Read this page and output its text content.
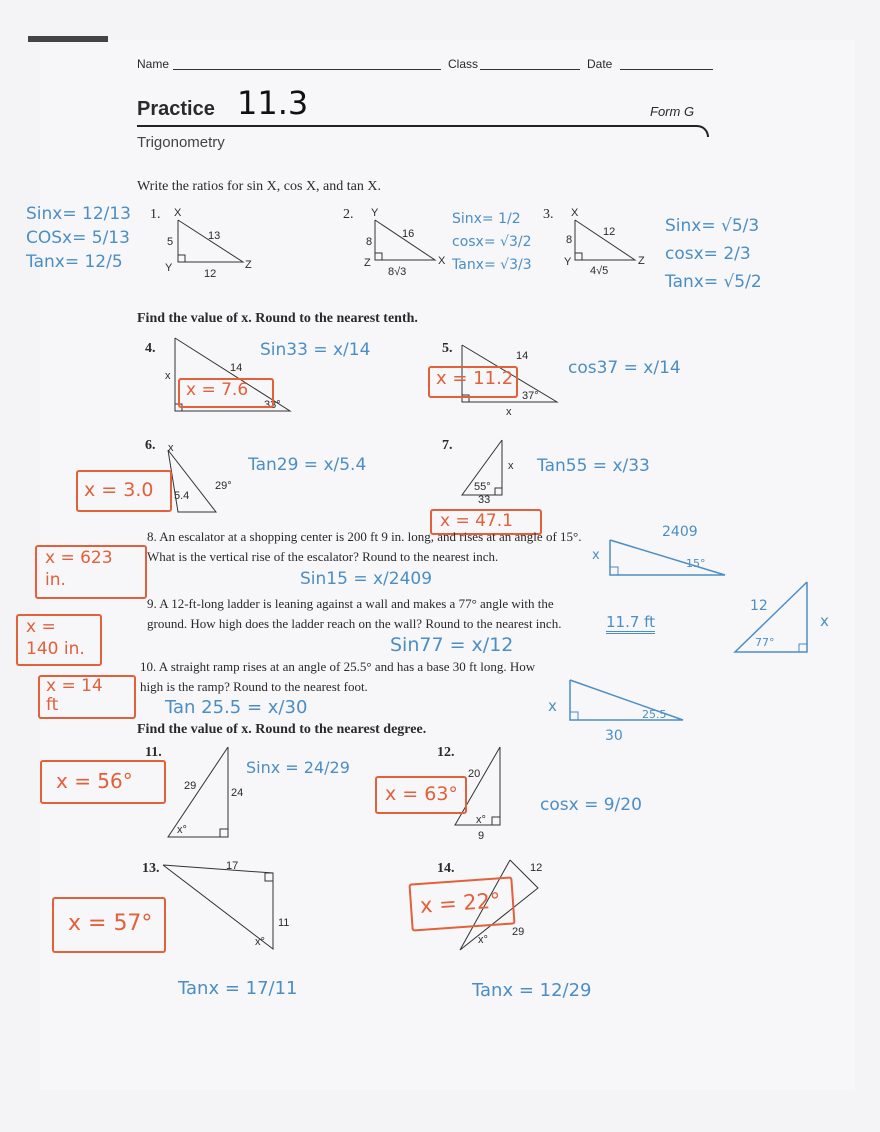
Name	Class	Date
Practice 11.3	Form G
Trigonometry
Write the ratios for sin X, cos X, and tan X.
1. X
13
5
Y	12
Z
Sinx= 12/13
COSx= 5/13
Tanx= 12/5
2. Y
16
8
Z
8√3
X
Sinx= 1/2
cosx= √3/2
Tanx= √3/3
3. X
12
8
Y
4√5
Z
Sinx= √5/3
cosx= 2/3
Tanx= √5/2
Find the value of x. Round to the nearest tenth.
4.
x
14
33°
Sin33 = x/14
x = 7.6
5.	14
37°
x
cos37 = x/14
x = 11.2
6. x
5.4
29°
Tan29 = x/5.4
x = 3.0
7.
x
55°
33
Tan55 = x/33
x = 47.1
8. An escalator at a shopping center is 200 ft 9 in. long, and rises at an angle of 15°. What is the vertical rise of the escalator? Round to the nearest inch.
Sin15 = x/2409
x = 623 in.
2409
x
15°
9. A 12-ft-long ladder is leaning against a wall and makes a 77° angle with the ground. How high does the ladder reach on the wall? Round to the nearest inch.
Sin77 = x/12
11.7 ft
x = 140 in.
12
x
77°
10. A straight ramp rises at an angle of 25.5° and has a base 30 ft long. How high is the ramp? Round to the nearest foot.
Tan 25.5 = x/30
x = 14 ft	x	25.5
30
Find the value of x. Round to the nearest degree.
11.
29
24
x°
Sinx = 24/29
x = 56°
12.
20
x°
9
cosx = 9/20
x = 63°
13.	17
11
x°
Tanx = 17/11
x = 57°
14.	12
29
x°
Tanx = 12/29
x = 22°
